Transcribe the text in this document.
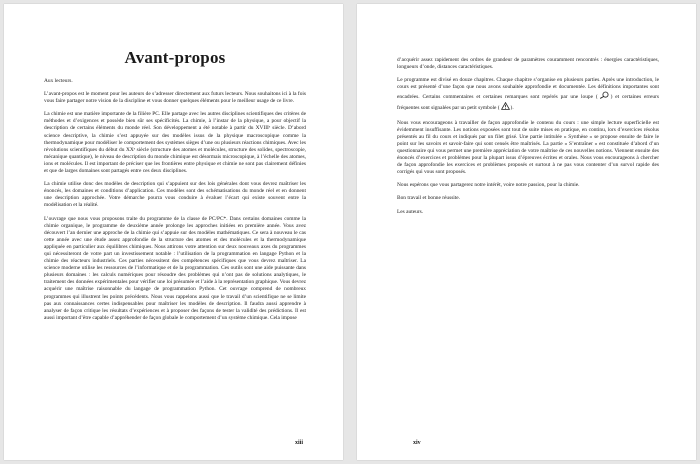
Avant-propos

Aux lecteurs.

L’avant-propos est le moment pour les auteurs de s’adresser directement aux futurs lecteurs. Nous souhaitons ici à la fois vous faire partager notre vision de la discipline et vous donner quelques éléments pour le meilleur usage de ce livre.

La chimie est une matière importante de la filière PC. Elle partage avec les autres disciplines scientifiques des critères de méthodes et d’exigences et possède bien sûr ses spécificités. La chimie, à l’instar de la physique, a pour objectif la description de certains éléments du monde réel. Son développement a été notable à partir du XVIIIᵉ siècle. D’abord science descriptive, la chimie s’est appuyée sur des modèles issus de la physique macroscopique comme la thermodynamique pour modéliser le comportement des systèmes sièges d’une ou plusieurs réactions chimiques. Avec les révolutions scientifiques du début du XXᵉ siècle (structure des atomes et molécules, structure des solides, spectroscopie, mécanique quantique), le niveau de description du monde chimique est désormais microscopique, à l’échelle des atomes, ions et molécules. Il est important de préciser que les frontières entre physique et chimie ne sont pas clairement définies et que de larges domaines sont partagés entre ces deux disciplines.

La chimie utilise donc des modèles de description qui s’appuient sur des lois générales dont vous devrez maîtriser les énoncés, les domaines et conditions d’application. Ces modèles sont des schématisations du monde réel et en donnent une description approchée. Votre démarche pourra vous conduire à évaluer l’écart qui existe souvent entre la modélisation et la réalité.

L’ouvrage que nous vous proposons traite du programme de la classe de PC/PC*. Dans certains domaines comme la chimie organique, le programme de deuxième année prolonge les approches initiées en première année. Vous avez découvert l’an dernier une approche de la chimie qui s’appuie sur des modèles mathématiques. Ce sera à nouveau le cas cette année avec une étude assez approfondie de la structure des atomes et des molécules et la thermodynamique appliquée en particulier aux équilibres chimiques. Nous attirons votre attention sur deux nouveaux axes du programmes qui nécessiteront de votre part un investissement notable : l’utilisation de la programmation en langage Python et la chimie des réacteurs industriels. Ces parties nécessitent des compétences spécifiques que vous devrez maîtriser. La science moderne utilise les ressources de l’informatique et de la programmation. Ces outils sont une aide puissante dans plusieurs domaines : les calculs numériques pour résoudre des problèmes qui n’ont pas de solutions analytiques, le traitement des données expérimentales pour vérifier une loi présumée et l’aide à la représentation graphique. Vous devrez acquérir une maîtrise raisonnable du langage de programmation Python. Cet ouvrage comprend de nombreux programmes qui illustrent les points précédents. Nous vous rappelons aussi que le travail d’un scientifique ne se limite pas aux connaissances certes indispensables pour maîtriser les modèles de description. Il faudra aussi apprendre à analyser de façon critique les résultats d’expériences et à proposer des façons de tester la validité des prédictions. Il est aussi important d’être capable d’appréhender de façon globale le comportement d’un système chimique. Cela impose

xiii

d’acquérir assez rapidement des ordres de grandeur de paramètres couramment rencontrés : énergies caractéristiques, longueurs d’onde, distances caractéristiques.

Le programme est divisé en douze chapitres. Chaque chapitre s’organise en plusieurs parties. Après une introduction, le cours est présenté d’une façon que nous avons souhaitée approfondie et documentée. Les définitions importantes sont encadrées. Certains commentaires et certaines remarques sont repérés par une loupe ( ) et certaines erreurs fréquentes sont signalées par un petit symbole ( ).

Nous vous encourageons à travailler de façon approfondie le contenu du cours : une simple lecture superficielle est évidemment insuffisante. Les notions exposées sont tout de suite mises en pratique, en continu, lors d’exercices résolus présentés au fil du cours et indiqués par un filet grisé. Une partie intitulée « Synthèse » se propose ensuite de faire le point sur les savoirs et savoir-faire qui sont censés être maîtrisés. La partie « S’entraîner » est constituée d’abord d’un questionnaire qui vous permet une première appréciation de votre maîtrise de ces nouvelles notions. Viennent ensuite des énoncés d’exercices et problèmes pour la plupart issus d’épreuves écrites et orales. Nous vous encourageons à chercher de façon approfondie les exercices et problèmes proposés et surtout à ne pas vous contenter d’un survol rapide des corrigés qui vous sont proposés.

Nous espérons que vous partagerez notre intérêt, voire notre passion, pour la chimie.

Bon travail et bonne réussite.

Les auteurs.

xiv
